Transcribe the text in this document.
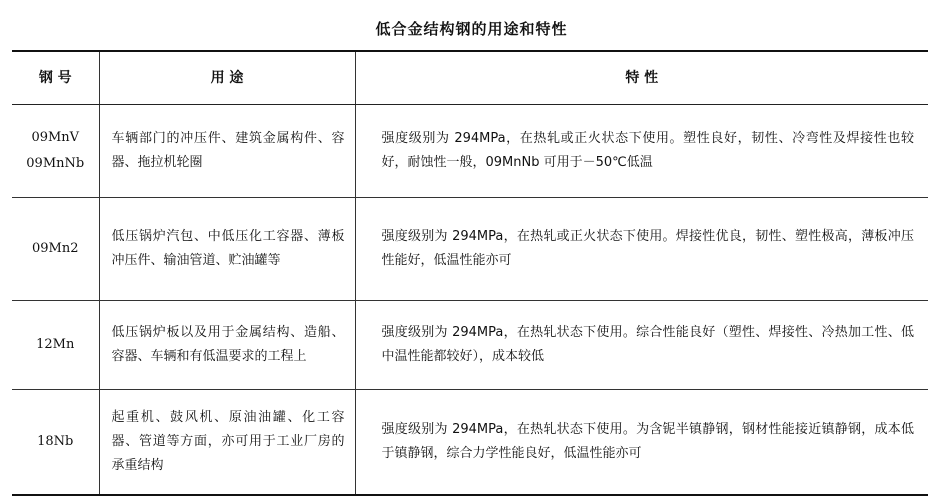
低合金结构钢的用途和特性
钢 号	用 途	特 性

09MnV
09MnNb	车辆部门的冲压件、建筑金属构件、容器、拖拉机轮圈	强度级别为 294MPa，在热轧或正火状态下使用。塑性良好，韧性、冷弯性及焊接性也较好，耐蚀性一般，09MnNb 可用于－50℃低温

09Mn2	低压锅炉汽包、中低压化工容器、薄板冲压件、输油管道、贮油罐等	强度级别为 294MPa，在热轧或正火状态下使用。焊接性优良，韧性、塑性极高，薄板冲压性能好，低温性能亦可

12Mn	低压锅炉板以及用于金属结构、造船、容器、车辆和有低温要求的工程上	强度级别为 294MPa，在热轧状态下使用。综合性能良好（塑性、焊接性、冷热加工性、低中温性能都较好），成本较低

18Nb	起重机、鼓风机、原油油罐、化工容器、管道等方面，亦可用于工业厂房的承重结构	强度级别为 294MPa，在热轧状态下使用。为含铌半镇静钢，钢材性能接近镇静钢，成本低于镇静钢，综合力学性能良好，低温性能亦可
